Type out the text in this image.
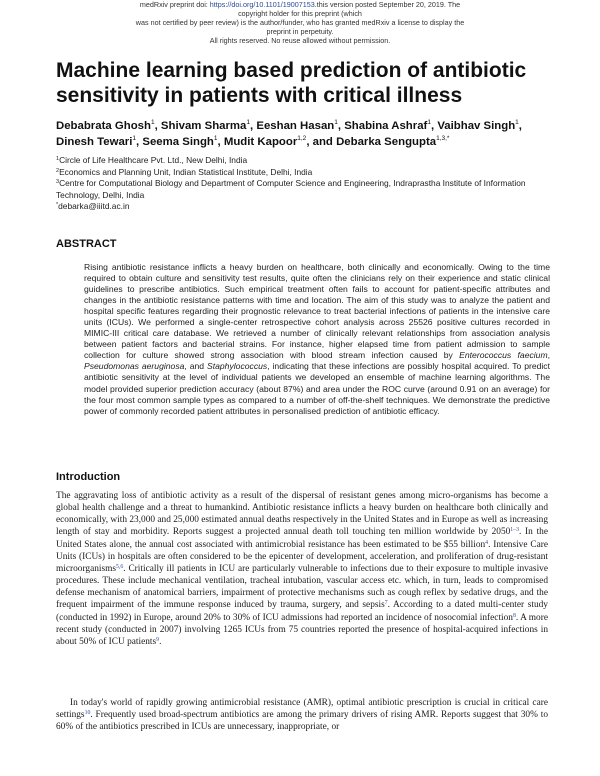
medRxiv preprint doi: https://doi.org/10.1101/19007153.this version posted September 20, 2019. The copyright holder for this preprint (which
was not certified by peer review) is the author/funder, who has granted medRxiv a license to display the preprint in perpetuity.
All rights reserved. No reuse allowed without permission.
Machine learning based prediction of antibiotic sensitivity in patients with critical illness
Debabrata Ghosh$^1$, Shivam Sharma$^1$, Eeshan Hasan$^1$, Shabina Ashraf$^1$, Vaibhav Singh$^1$, Dinesh Tewari$^1$, Seema Singh$^1$, Mudit Kapoor$^{1,2}$, and Debarka Sengupta$^{1,3,*}$
$^1$Circle of Life Healthcare Pvt. Ltd., New Delhi, India
$^2$Economics and Planning Unit, Indian Statistical Institute, Delhi, India
$^3$Centre for Computational Biology and Department of Computer Science and Engineering, Indraprastha Institute of Information Technology, Delhi, India
*debarka@iiitd.ac.in
ABSTRACT

Rising antibiotic resistance inflicts a heavy burden on healthcare, both clinically and economically. Owing to the time required to obtain culture and sensitivity test results, quite often the clinicians rely on their experience and static clinical guidelines to prescribe antibiotics. Such empirical treatment often fails to account for patient-specific attributes and changes in the antibiotic resistance patterns with time and location. The aim of this study was to analyze the patient and hospital specific features regarding their prognostic relevance to treat bacterial infections of patients in the intensive care units (ICUs). We performed a single-center retrospective cohort analysis across 25526 positive cultures recorded in MIMIC-III critical care database. We retrieved a number of clinically relevant relationships from association analysis between patient factors and bacterial strains. For instance, higher elapsed time from patient admission to sample collection for culture showed strong association with blood stream infection caused by Enterococcus faecium, Pseudomonas aeruginosa, and Staphylococcus, indicating that these infections are possibly hospital acquired. To predict antibiotic sensitivity at the level of individual patients we developed an ensemble of machine learning algorithms. The model provided superior prediction accuracy (about 87%) and area under the ROC curve (around 0.91 on an average) for the four most common sample types as compared to a number of off-the-shelf techniques. We demonstrate the predictive power of commonly recorded patient attributes in personalised prediction of antibiotic efficacy.

Introduction

The aggravating loss of antibiotic activity as a result of the dispersal of resistant genes among micro-organisms has become a global health challenge and a threat to humankind. Antibiotic resistance inflicts a heavy burden on healthcare both clinically and economically, with 23,000 and 25,000 estimated annual deaths respectively in the United States and in Europe as well as increasing length of stay and morbidity. Reports suggest a projected annual death toll touching ten million worldwide by 2050$^{1-3}$. In the United States alone, the annual cost associated with antimicrobial resistance has been estimated to be $55 billion$^4$. Intensive Care Units (ICUs) in hospitals are often considered to be the epicenter of development, acceleration, and proliferation of drug-resistant microorganisms$^{5,6}$. Critically ill patients in ICU are particularly vulnerable to infections due to their exposure to multiple invasive procedures. These include mechanical ventilation, tracheal intubation, vascular access etc. which, in turn, leads to compromised defense mechanism of anatomical barriers, impairment of protective mechanisms such as cough reflex by sedative drugs, and the frequent impairment of the immune response induced by trauma, surgery, and sepsis$^7$. According to a dated multi-center study (conducted in 1992) in Europe, around 20% to 30% of ICU admissions had reported an incidence of nosocomial infection$^8$. A more recent study (conducted in 2007) involving 1265 ICUs from 75 countries reported the presence of hospital-acquired infections in about 50% of ICU patients$^9$.

In today's world of rapidly growing antimicrobial resistance (AMR), optimal antibiotic prescription is crucial in critical care settings$^{10}$. Frequently used broad-spectrum antibiotics are among the primary drivers of rising AMR. Reports suggest that 30% to 60% of the antibiotics prescribed in ICUs are unnecessary, inappropriate, or
